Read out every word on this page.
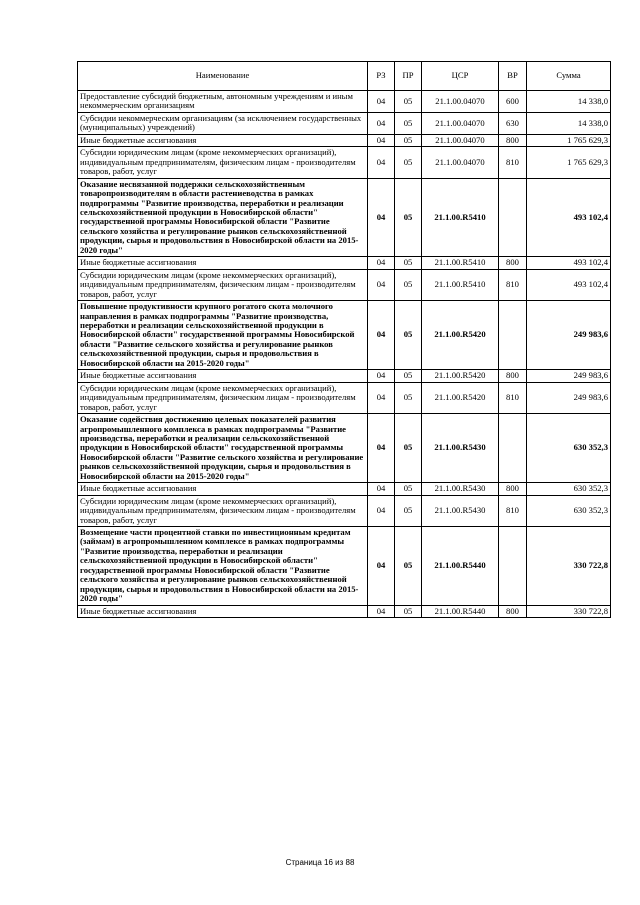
Наименование	РЗ	ПР	ЦСР	ВР	Сумма
Предоставление субсидий бюджетным, автономным учреждениям и иным некоммерческим организациям	04	05	21.1.00.04070	600	14 338,0
Субсидии некоммерческим организациям (за исключением государственных (муниципальных) учреждений)	04	05	21.1.00.04070	630	14 338,0
Иные бюджетные ассигнования	04	05	21.1.00.04070	800	1 765 629,3
Субсидии юридическим лицам (кроме некоммерческих организаций), индивидуальным предпринимателям, физическим лицам - производителям товаров, работ, услуг	04	05	21.1.00.04070	810	1 765 629,3
Оказание несвязанной поддержки сельскохозяйственным товаропроизводителям в области растениеводства в рамках подпрограммы "Развитие производства, переработки и реализации сельскохозяйственной продукции в Новосибирской области" государственной программы Новосибирской области "Развитие сельского хозяйства и регулирование рынков сельскохозяйственной продукции, сырья и продовольствия в Новосибирской области на 2015-2020 годы"	04	05	21.1.00.R5410		493 102,4
Иные бюджетные ассигнования	04	05	21.1.00.R5410	800	493 102,4
Субсидии юридическим лицам (кроме некоммерческих организаций), индивидуальным предпринимателям, физическим лицам - производителям товаров, работ, услуг	04	05	21.1.00.R5410	810	493 102,4
Повышение продуктивности крупного рогатого скота молочного направления в рамках подпрограммы "Развитие производства, переработки и реализации сельскохозяйственной продукции в Новосибирской области" государственной программы Новосибирской области "Развитие сельского хозяйства и регулирование рынков сельскохозяйственной продукции, сырья и продовольствия в Новосибирской области на 2015-2020 годы"	04	05	21.1.00.R5420		249 983,6
Иные бюджетные ассигнования	04	05	21.1.00.R5420	800	249 983,6
Субсидии юридическим лицам (кроме некоммерческих организаций), индивидуальным предпринимателям, физическим лицам - производителям товаров, работ, услуг	04	05	21.1.00.R5420	810	249 983,6
Оказание содействия достижению целевых показателей развития агропромышленного комплекса в рамках подпрограммы "Развитие производства, переработки и реализации сельскохозяйственной продукции в Новосибирской области" государственной программы Новосибирской области "Развитие сельского хозяйства и регулирование рынков сельскохозяйственной продукции, сырья и продовольствия в Новосибирской области на 2015-2020 годы"	04	05	21.1.00.R5430		630 352,3
Иные бюджетные ассигнования	04	05	21.1.00.R5430	800	630 352,3
Субсидии юридическим лицам (кроме некоммерческих организаций), индивидуальным предпринимателям, физическим лицам - производителям товаров, работ, услуг	04	05	21.1.00.R5430	810	630 352,3
Возмещение части процентной ставки по инвестиционным кредитам (займам) в агропромышленном комплексе в рамках подпрограммы "Развитие производства, переработки и реализации сельскохозяйственной продукции в Новосибирской области" государственной программы Новосибирской области "Развитие сельского хозяйства и регулирование рынков сельскохозяйственной продукции, сырья и продовольствия в Новосибирской области на 2015-2020 годы"	04	05	21.1.00.R5440		330 722,8
Иные бюджетные ассигнования	04	05	21.1.00.R5440	800	330 722,8
Страница 16 из 88
